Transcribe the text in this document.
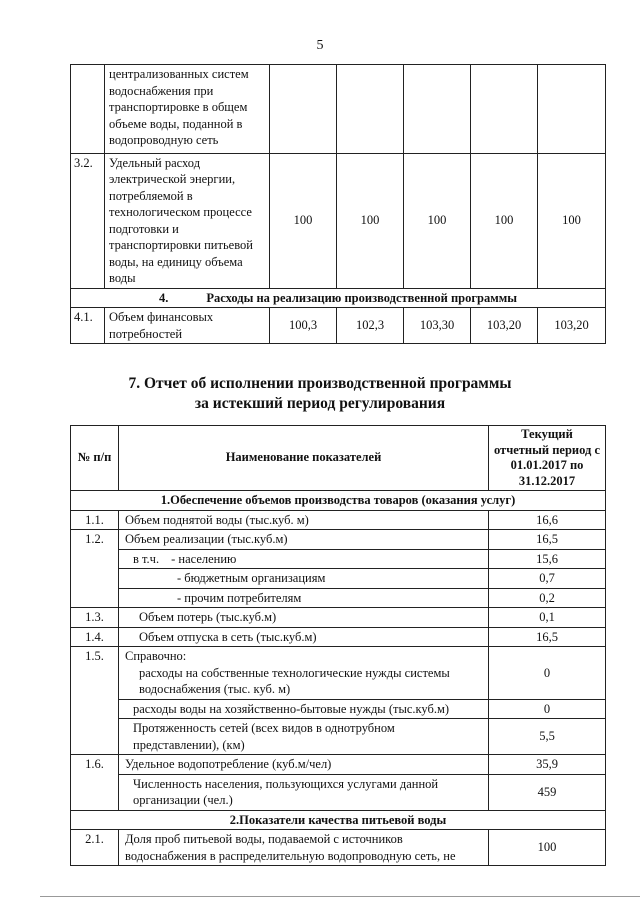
5
	централизованных систем водоснабжения при транспортировке в общем объеме воды, поданной в водопроводную сеть					
3.2.	Удельный расход электрической энергии, потребляемой в технологическом процессе подготовки и транспортировки питьевой воды, на единицу объема воды	100	100	100	100	100
4. Расходы на реализацию производственной программы						
4.1.	Объем финансовых потребностей	100,3	102,3	103,30	103,20	103,20
7. Отчет об исполнении производственной программы
за истекший период регулирования
№ п/п	Наименование показателей	Текущий отчетный период с 01.01.2017 по 31.12.2017
1.Обеспечение объемов производства товаров (оказания услуг)		
1.1.	Объем поднятой воды (тыс.куб. м)	16,6
1.2.	Объем реализации (тыс.куб.м)	16,5
	в т.ч. - населению	15,6
	- бюджетным организациям	0,7
	- прочим потребителям	0,2
1.3.	Объем потерь (тыс.куб.м)	0,1
1.4.	Объем отпуска в сеть (тыс.куб.м)	16,5
1.5.	Справочно:
расходы на собственные технологические нужды системы водоснабжения (тыс. куб. м)	0
	расходы воды на хозяйственно-бытовые нужды (тыс.куб.м)	0
	Протяженность сетей (всех видов в однотрубном представлении), (км)	5,5
1.6.	Удельное водопотребление (куб.м/чел)	35,9
	Численность населения, пользующихся услугами данной организации (чел.)	459
2.Показатели качества питьевой воды		
2.1.	Доля проб питьевой воды, подаваемой с источников водоснабжения в распределительную водопроводную сеть, не	100
